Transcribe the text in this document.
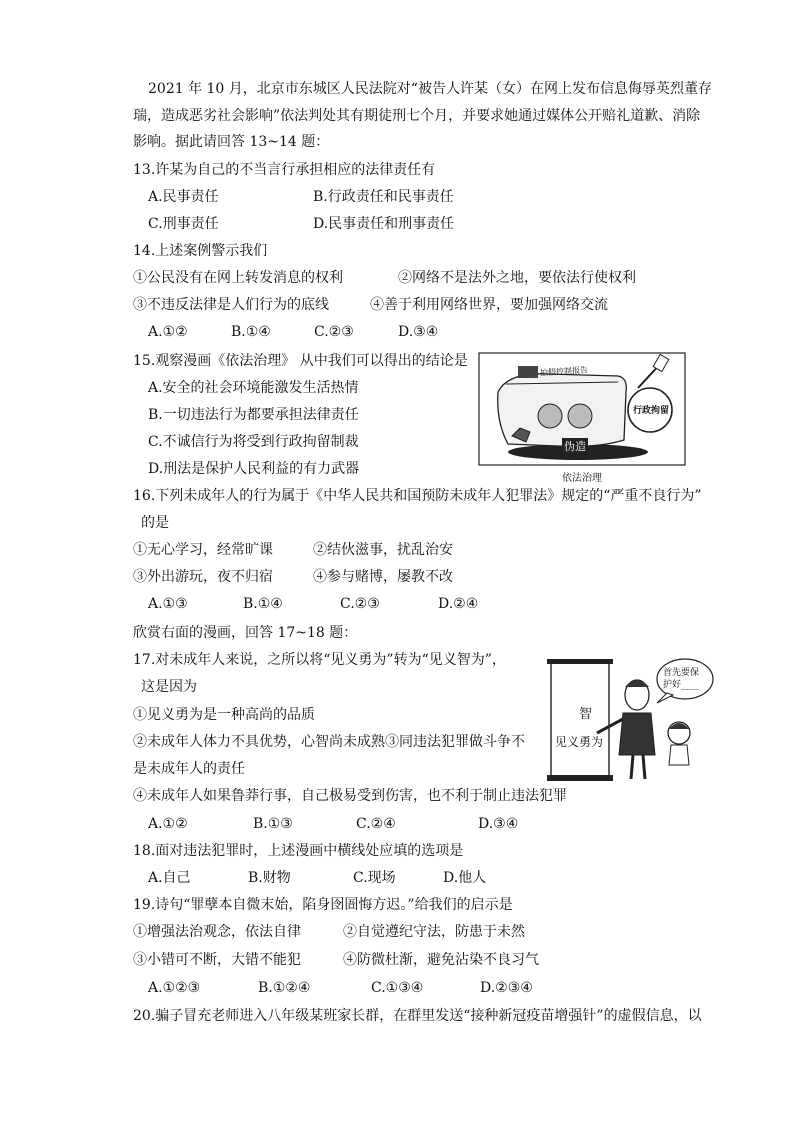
2021 年 10 月，北京市东城区人民法院对“被告人许某（女）在网上发布信息侮辱英烈董存
瑞，造成恶劣社会影响”依法判处其有期徒刑七个月，并要求她通过媒体公开赔礼道歉、消除
影响。据此请回答 13~14 题：
13.许某为自己的不当言行承担相应的法律责任有
A.民事责任	B.行政责任和民事责任
C.刑事责任	D.民事责任和刑事责任
14.上述案例警示我们
①公民没有在网上转发消息的权利	②网络不是法外之地，要依法行使权利
③不违反法律是人们行为的底线	④善于利用网络世界，要加强网络交流
A.①②	B.①④	C.②③	D.③④
15.观察漫画《依法治理》 从中我们可以得出的结论是
A.安全的社会环境能激发生活热情
B.一切违法行为都要承担法律责任
C.不诚信行为将受到行政拘留制裁
D.刑法是保护人民利益的有力武器
拍假控制报告
行政拘留
伪造
依法治理
16.下列未成年人的行为属于《中华人民共和国预防未成年人犯罪法》规定的“严重不良行为”
的是
①无心学习，经常旷课	②结伙滋事，扰乱治安
③外出游玩，夜不归宿	④参与赌博，屡教不改
A.①③	B.①④	C.②③	D.②④
欣赏右面的漫画，回答 17~18 题：
17.对未成年人来说，之所以将“见义勇为”转为“见义智为”，
这是因为
①见义勇为是一种高尚的品质
②未成年人体力不具优势，心智尚未成熟③同违法犯罪做斗争不
是未成年人的责任
④未成年人如果鲁莽行事，自己极易受到伤害，也不利于制止违法犯罪
A.①②	B.①③	C.②④	D.③④
首先要保
护好____
智
见义勇为
18.面对违法犯罪时，上述漫画中横线处应填的选项是
A.自己	B.财物	C.现场	D.他人
19.诗句“罪孽本自微末始，陷身囹圄悔方迟。”给我们的启示是
①增强法治观念，依法自律	②自觉遵纪守法，防患于未然
③小错可不断，大错不能犯	④防微杜渐，避免沾染不良习气
A.①②③	B.①②④	C.①③④	D.②③④
20.骗子冒充老师进入八年级某班家长群，在群里发送“接种新冠疫苗增强针”的虚假信息，以
